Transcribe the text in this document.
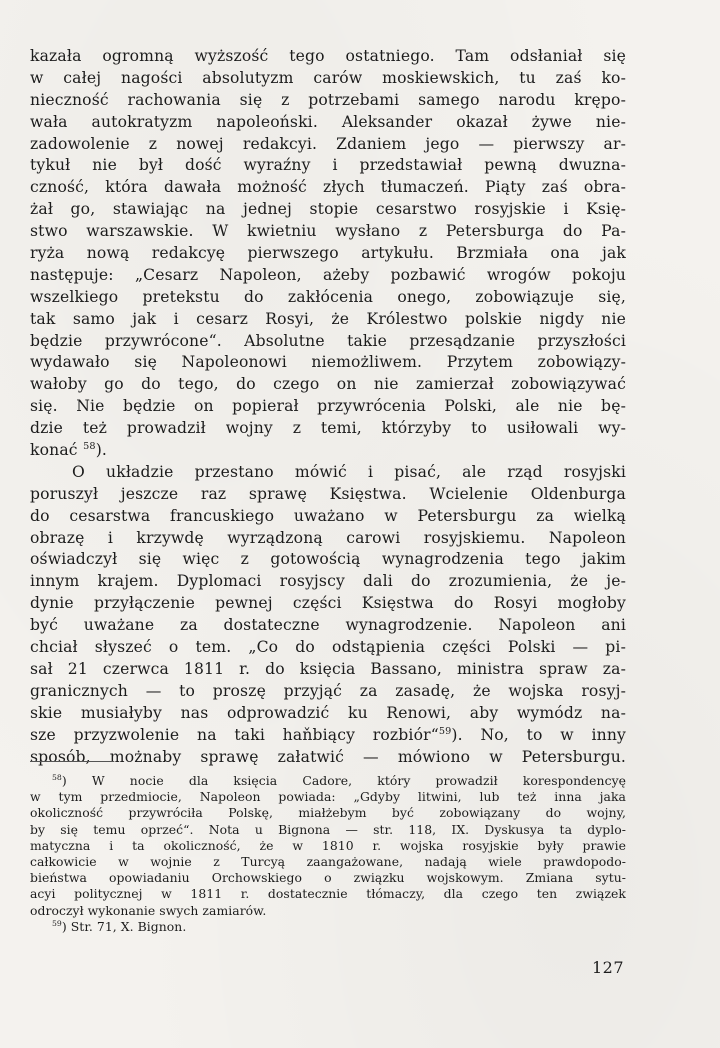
kazała ogromną wyższość tego ostatniego. Tam odsłaniał się
w całej nagości absolutyzm carów moskiewskich, tu zaś ko-
nieczność rachowania się z potrzebami samego narodu krępo-
wała autokratyzm napoleoński. Aleksander okazał żywe nie-
zadowolenie z nowej redakcyi. Zdaniem jego — pierwszy ar-
tykuł nie był dość wyraźny i przedstawiał pewną dwuzna-
czność, która dawała możność złych tłumaczeń. Piąty zaś obra-
żał go, stawiając na jednej stopie cesarstwo rosyjskie i Księ-
stwo warszawskie. W kwietniu wysłano z Petersburga do Pa-
ryża nową redakcyę pierwszego artykułu. Brzmiała ona jak
następuje: „Cesarz Napoleon, ażeby pozbawić wrogów pokoju
wszelkiego pretekstu do zakłócenia onego, zobowiązuje się,
tak samo jak i cesarz Rosyi, że Królestwo polskie nigdy nie
będzie przywrócone“. Absolutne takie przesądzanie przyszłości
wydawało się Napoleonowi niemożliwem. Przytem zobowiązy-
wałoby go do tego, do czego on nie zamierzał zobowiązywać
się. Nie będzie on popierał przywrócenia Polski, ale nie bę-
dzie też prowadził wojny z temi, którzyby to usiłowali wy-
konać $^{58}$).
O układzie przestano mówić i pisać, ale rząd rosyjski
poruszył jeszcze raz sprawę Księstwa. Wcielenie Oldenburga
do cesarstwa francuskiego uważano w Petersburgu za wielką
obrazę i krzywdę wyrządzoną carowi rosyjskiemu. Napoleon
oświadczył się więc z gotowością wynagrodzenia tego jakim
innym krajem. Dyplomaci rosyjscy dali do zrozumienia, że je-
dynie przyłączenie pewnej części Księstwa do Rosyi mogłoby
być uważane za dostateczne wynagrodzenie. Napoleon ani
chciał słyszeć o tem. „Co do odstąpienia części Polski — pi-
sał 21 czerwca 1811 r. do księcia Bassano, ministra spraw za-
granicznych — to proszę przyjąć za zasadę, że wojska rosyj-
skie musiałyby nas odprowadzić ku Renowi, aby wymódz na-
sze przyzwolenie na taki haňbiący rozbiór“$^{59}$). No, to w inny
sposób, możnaby sprawę załatwić — mówiono w Petersburgu.
$^{58}$) W nocie dla księcia Cadore, który prowadził korespondencyę
w tym przedmiocie, Napoleon powiada: „Gdyby litwini, lub też inna jaka
okoliczność przywróciła Polskę, miałżebym być zobowiązany do wojny,
by się temu oprzeć“. Nota u Bignona — str. 118, IX. Dyskusya ta dyplo-
matyczna i ta okoliczność, że w 1810 r. wojska rosyjskie były prawie
całkowicie w wojnie z Turcyą zaangażowane, nadają wiele prawdopodo-
bieństwa opowiadaniu Orchowskiego o związku wojskowym. Zmiana sytu-
acyi politycznej w 1811 r. dostatecznie tłómaczy, dla czego ten związek
odroczył wykonanie swych zamiarów.
$^{59}$) Str. 71, X. Bignon.
127
